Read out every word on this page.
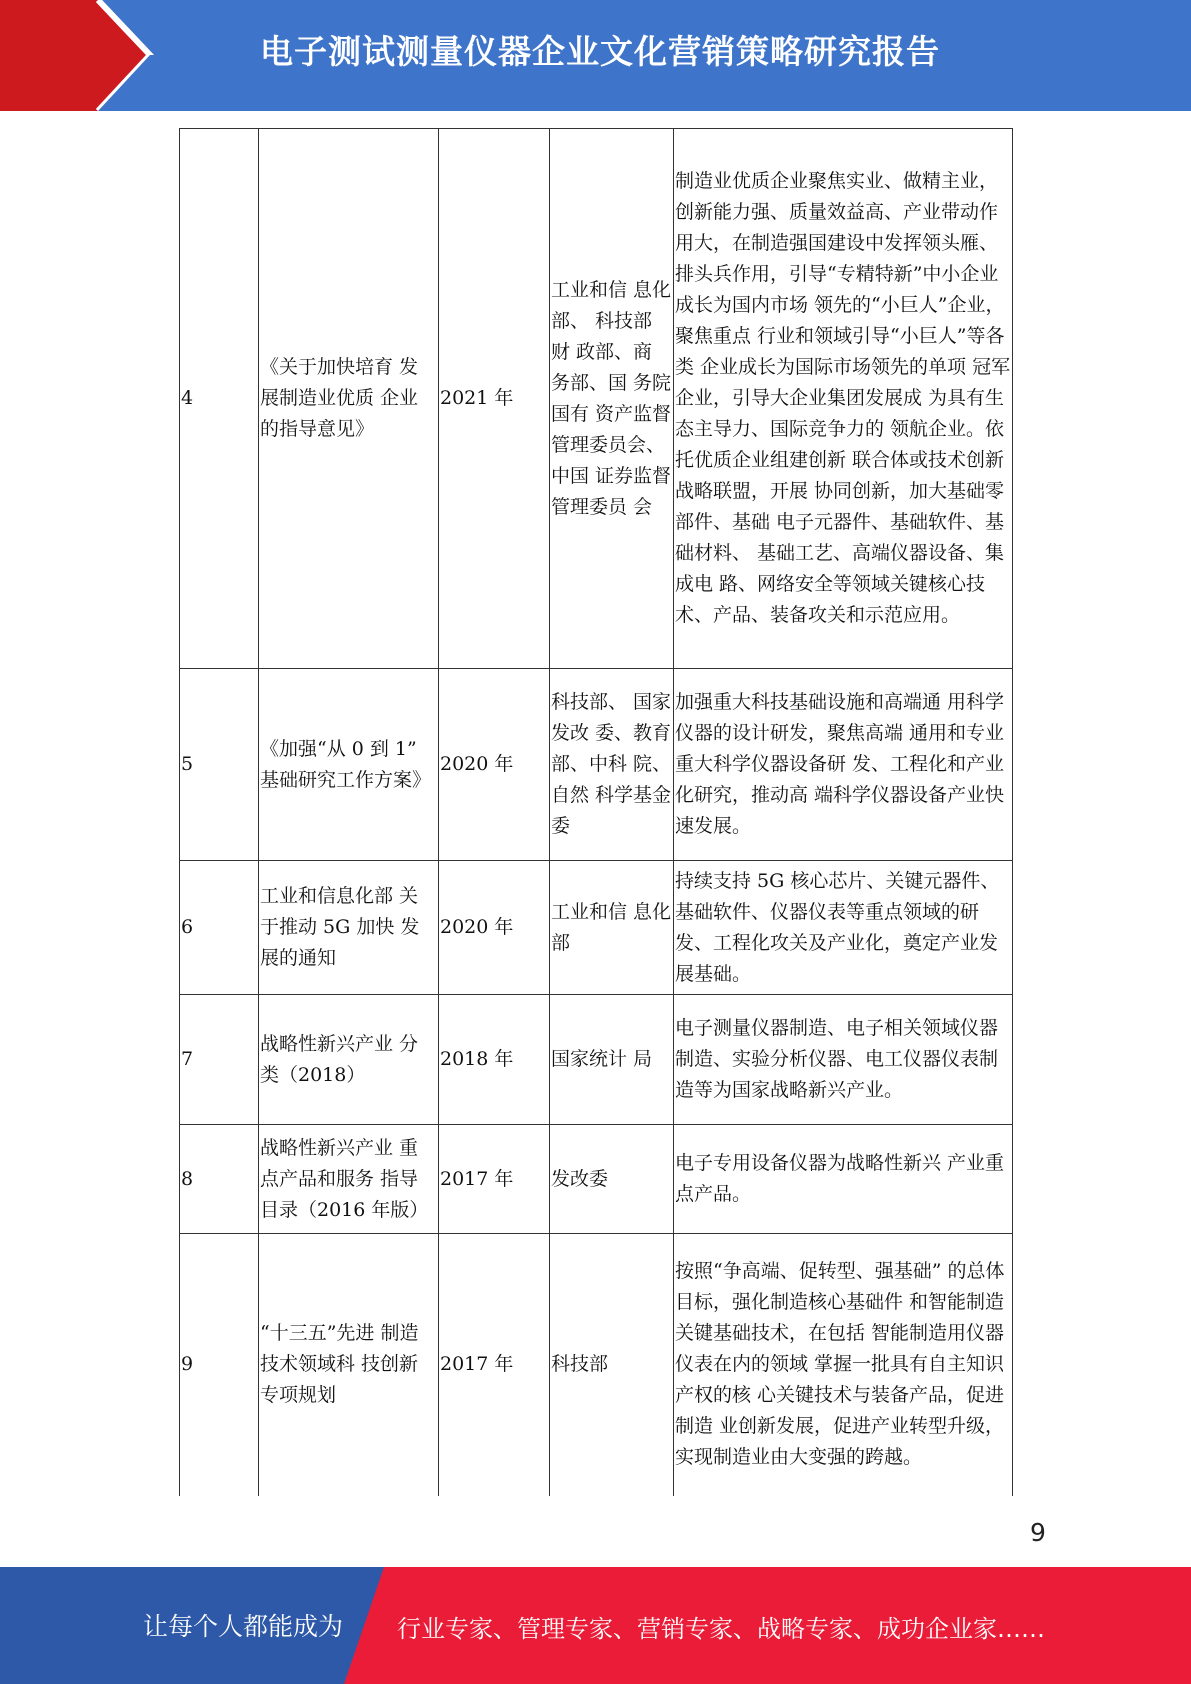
电子测试测量仪器企业文化营销策略研究报告
4	《关于加快培育 发展制造业优质 企业的指导意见》	2021 年	工业和信 息化部、 科技部 财 政部、商 务部、国 务院国有 资产监督 管理委员会、中国 证券监督 管理委员 会	制造业优质企业聚焦实业、做精主业，创新能力强、质量效益高、产业带动作用大，在制造强国建设中发挥领头雁、排头兵作用，引导“专精特新”中小企业成长为国内市场 领先的“小巨人”企业，聚焦重点 行业和领域引导“小巨人”等各类 企业成长为国际市场领先的单项 冠军企业，引导大企业集团发展成 为具有生态主导力、国际竞争力的 领航企业。依托优质企业组建创新 联合体或技术创新战略联盟，开展 协同创新，加大基础零部件、基础 电子元器件、基础软件、基础材料、 基础工艺、高端仪器设备、集成电 路、网络安全等领域关键核心技 术、产品、装备攻关和示范应用。
5	《加强“从 0 到 1” 基础研究工作方案》	2020 年	科技部、 国家发改 委、教育 部、中科 院、自然 科学基金 委	加强重大科技基础设施和高端通 用科学仪器的设计研发，聚焦高端 通用和专业重大科学仪器设备研 发、工程化和产业化研究，推动高 端科学仪器设备产业快速发展。
6	工业和信息化部 关于推动 5G 加快 发展的通知	2020 年	工业和信 息化部	持续支持 5G 核心芯片、关键元器件、基础软件、仪器仪表等重点领域的研发、工程化攻关及产业化，奠定产业发展基础。
7	战略性新兴产业 分类（2018）	2018 年	国家统计 局	电子测量仪器制造、电子相关领域仪器制造、实验分析仪器、电工仪器仪表制造等为国家战略新兴产业。
8	战略性新兴产业 重点产品和服务 指导目录（2016 年版）	2017 年	发改委	电子专用设备仪器为战略性新兴 产业重点产品。
9	“十三五”先进 制造技术领域科 技创新专项规划	2017 年	科技部	按照“争高端、促转型、强基础” 的总体目标，强化制造核心基础件 和智能制造关键基础技术，在包括 智能制造用仪器仪表在内的领域 掌握一批具有自主知识产权的核 心关键技术与装备产品，促进制造 业创新发展，促进产业转型升级， 实现制造业由大变强的跨越。
9
让每个人都能成为 行业专家、管理专家、营销专家、战略专家、成功企业家……
